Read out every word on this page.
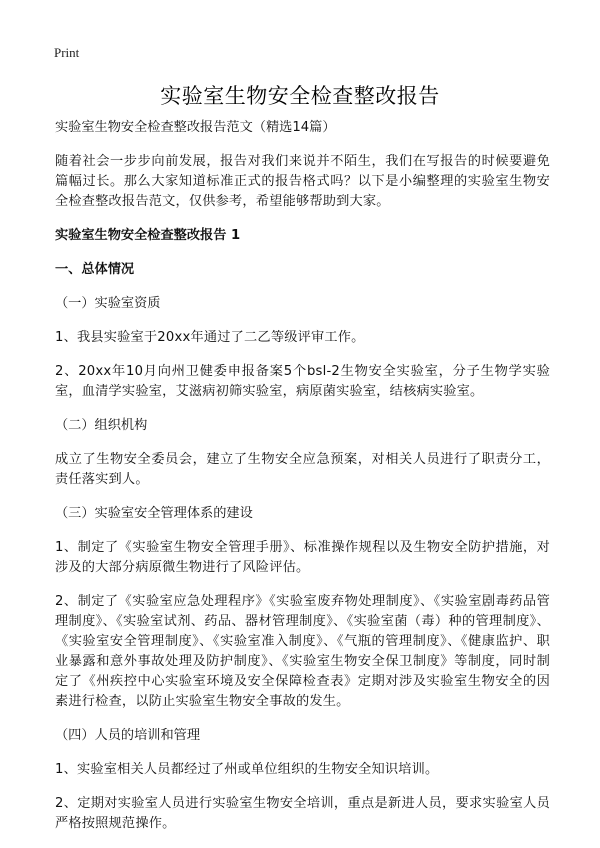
Print
实验室生物安全检查整改报告

实验室生物安全检查整改报告范文（精选14篇）

随着社会一步步向前发展，报告对我们来说并不陌生，我们在写报告的时候要避免篇幅过长。那么大家知道标准正式的报告格式吗？以下是小编整理的实验室生物安全检查整改报告范文，仅供参考，希望能够帮助到大家。

实验室生物安全检查整改报告 1

一、总体情况

（一）实验室资质

1、我县实验室于20xx年通过了二乙等级评审工作。

2、20xx年10月向州卫健委申报备案5个bsl-2生物安全实验室，分子生物学实验室，血清学实验室，艾滋病初筛实验室，病原菌实验室，结核病实验室。

（二）组织机构

成立了生物安全委员会，建立了生物安全应急预案，对相关人员进行了职责分工，责任落实到人。

（三）实验室安全管理体系的建设

1、制定了《实验室生物安全管理手册》、标准操作规程以及生物安全防护措施，对涉及的大部分病原微生物进行了风险评估。

2、制定了《实验室应急处理程序》《实验室废弃物处理制度》、《实验室剧毒药品管理制度》、《实验室试剂、药品、器材管理制度》、《实验室菌（毒）种的管理制度》、《实验室安全管理制度》、《实验室准入制度》、《气瓶的管理制度》、《健康监护、职业暴露和意外事故处理及防护制度》、《实验室生物安全保卫制度》等制度，同时制定了《州疾控中心实验室环境及安全保障检查表》定期对涉及实验室生物安全的因素进行检查，以防止实验室生物安全事故的发生。

（四）人员的培训和管理

1、实验室相关人员都经过了州或单位组织的生物安全知识培训。

2、定期对实验室人员进行实验室生物安全培训，重点是新进人员，要求实验室人员严格按照规范操作。
